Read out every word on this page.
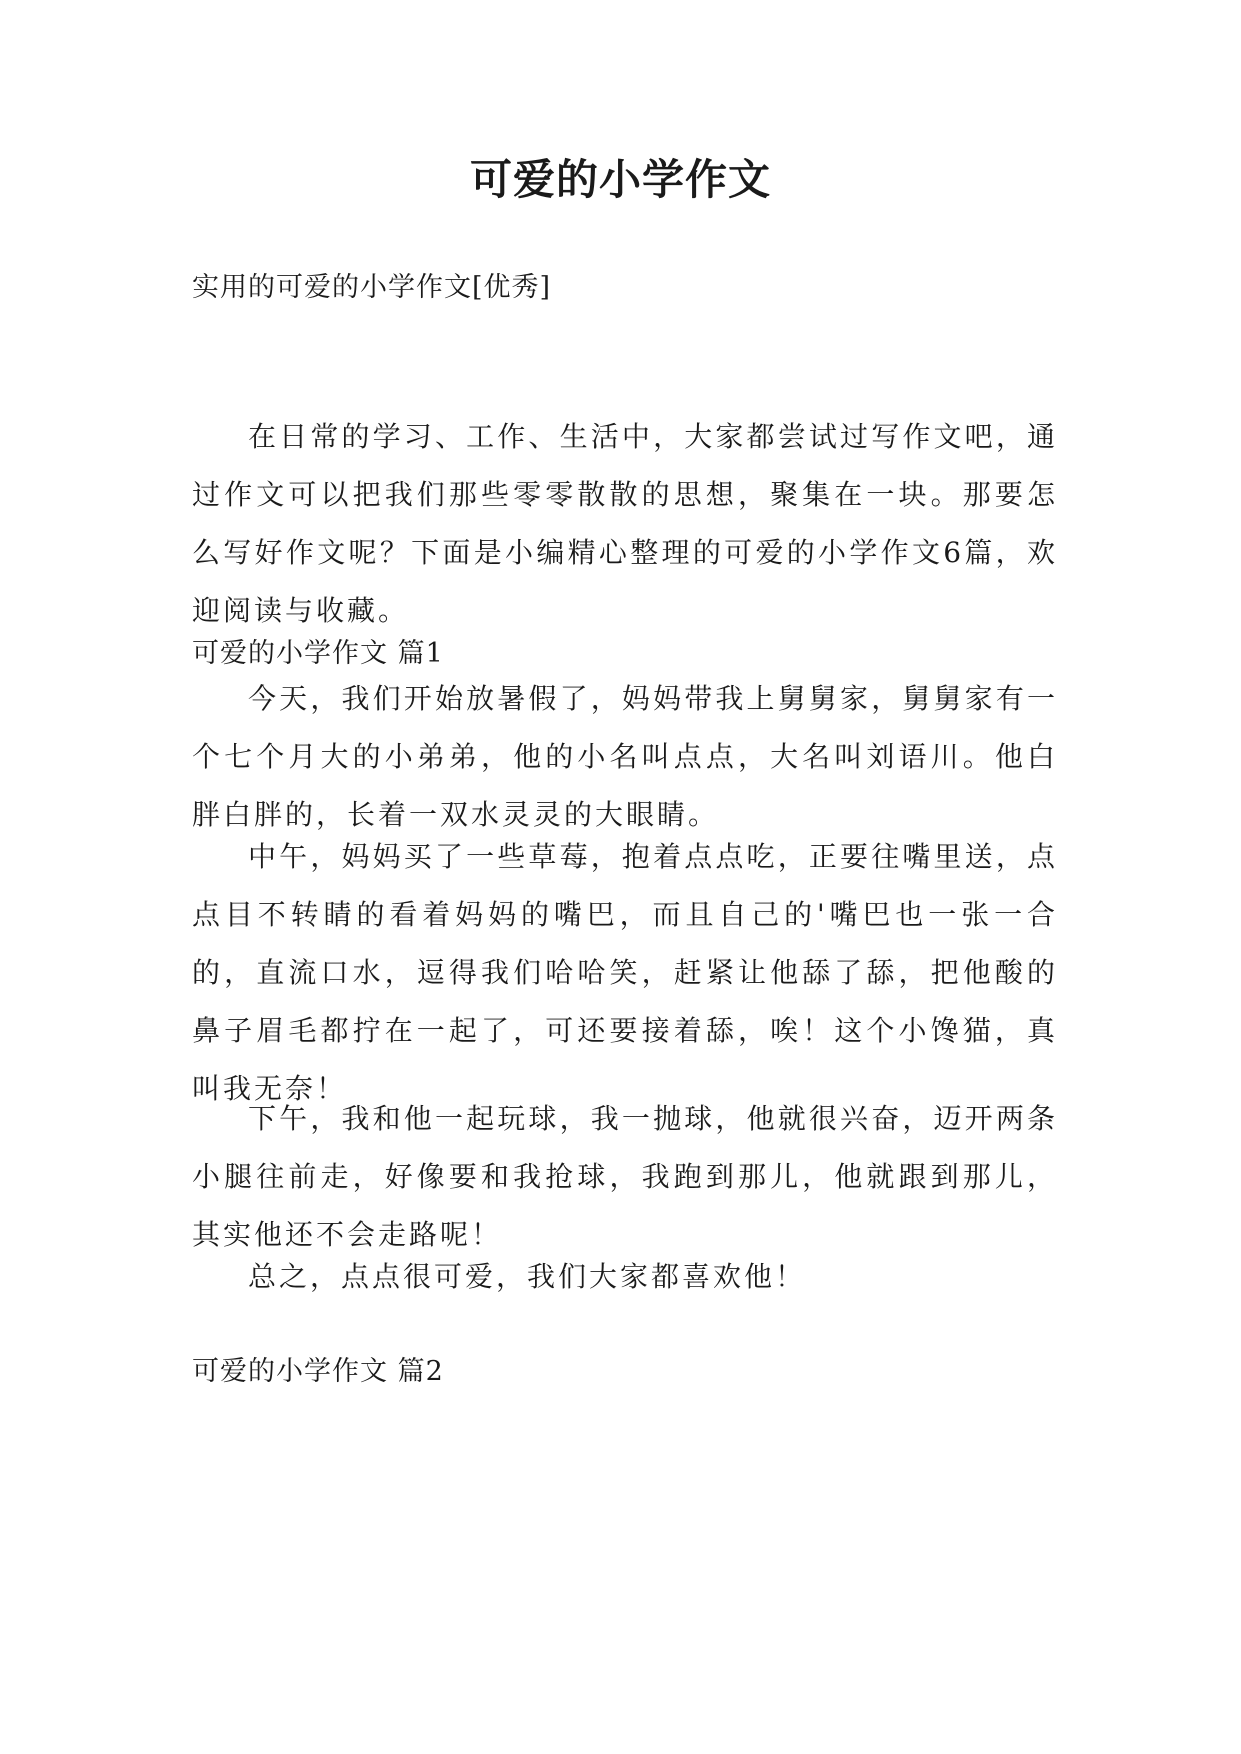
可爱的小学作文

实用的可爱的小学作文[优秀]

在日常的学习、工作、生活中，大家都尝试过写作文吧，通过作文可以把我们那些零零散散的思想，聚集在一块。那要怎么写好作文呢？下面是小编精心整理的可爱的小学作文6篇，欢迎阅读与收藏。

可爱的小学作文 篇1

今天，我们开始放暑假了，妈妈带我上舅舅家，舅舅家有一个七个月大的小弟弟，他的小名叫点点，大名叫刘语川。他白胖白胖的，长着一双水灵灵的大眼睛。

中午，妈妈买了一些草莓，抱着点点吃，正要往嘴里送，点点目不转睛的看着妈妈的嘴巴，而且自己的'嘴巴也一张一合的，直流口水，逗得我们哈哈笑，赶紧让他舔了舔，把他酸的鼻子眉毛都拧在一起了，可还要接着舔，唉！这个小馋猫，真叫我无奈！

下午，我和他一起玩球，我一抛球，他就很兴奋，迈开两条小腿往前走，好像要和我抢球，我跑到那儿，他就跟到那儿，其实他还不会走路呢！

总之，点点很可爱，我们大家都喜欢他！

可爱的小学作文 篇2
